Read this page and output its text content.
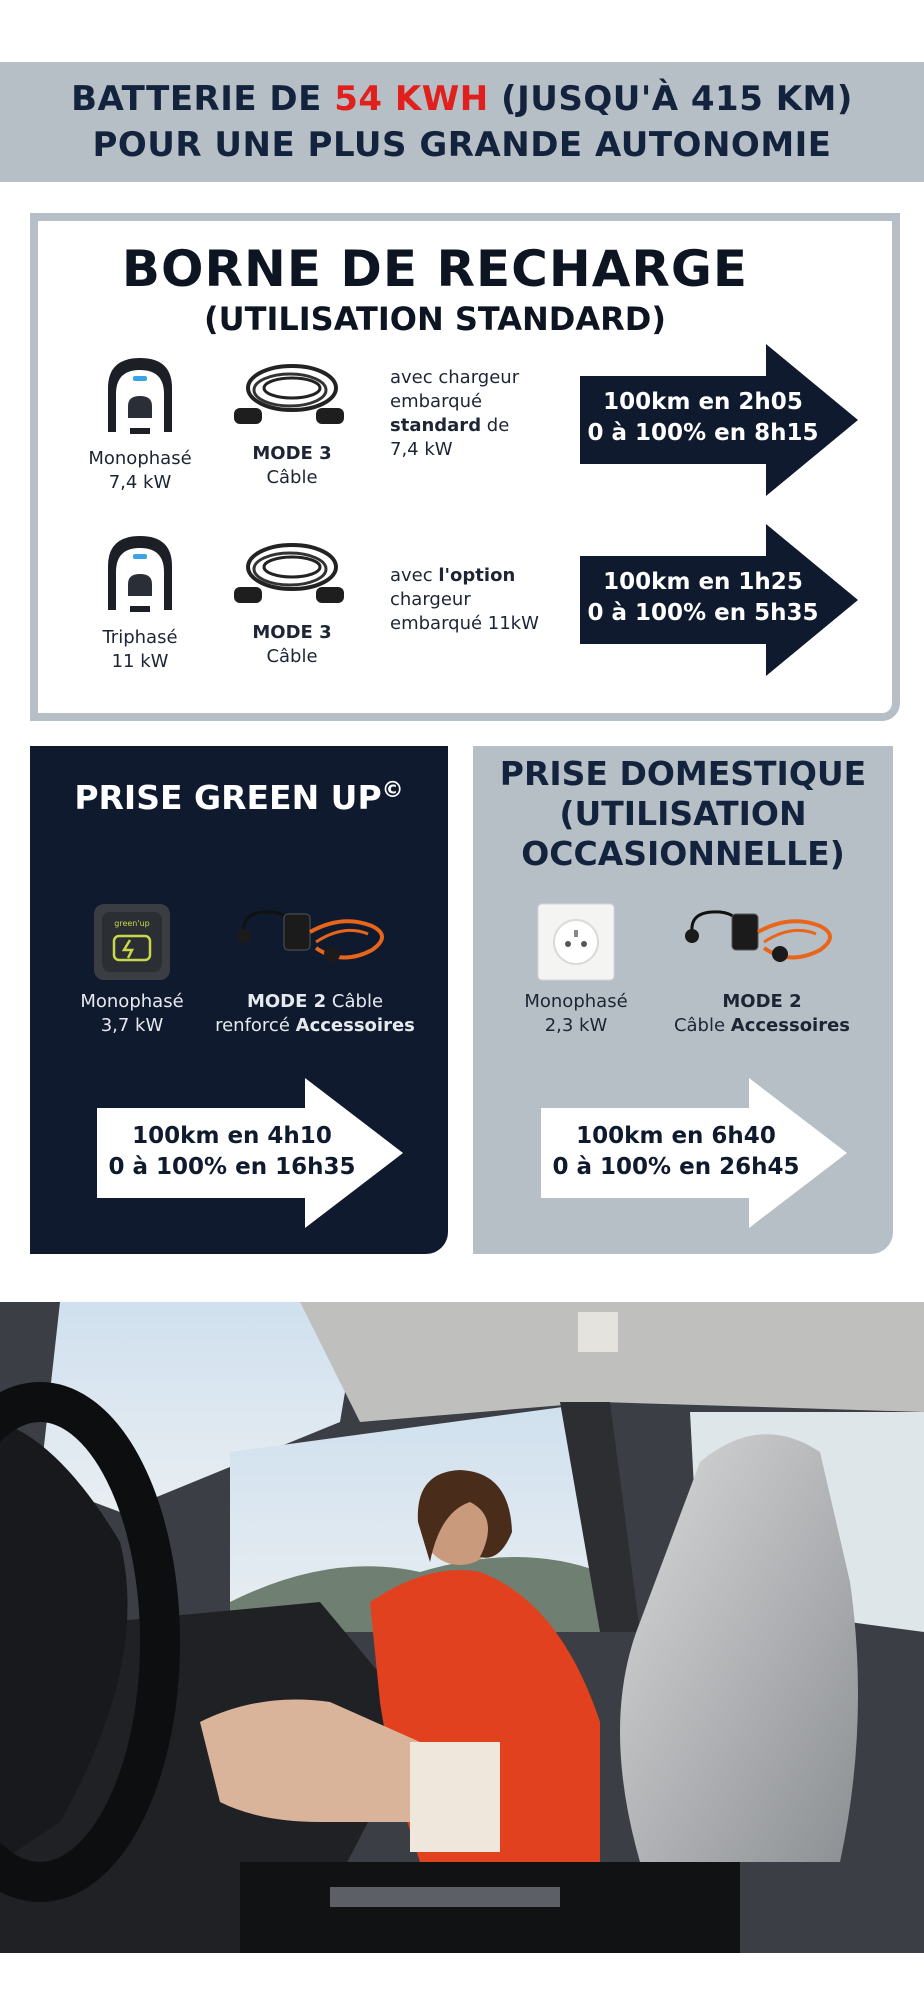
BATTERIE DE 54 KWH (JUSQU'À 415 KM)
POUR UNE PLUS GRANDE AUTONOMIE
BORNE DE RECHARGE
(UTILISATION STANDARD)
Monophasé
7,4 kW
MODE 3
Câble
avec chargeur
embarqué
standard de
7,4 kW
100km en 2h05
0 à 100% en 8h15
Triphasé
11 kW
MODE 3
Câble
avec l'option
chargeur
embarqué 11kW
100km en 1h25
0 à 100% en 5h35
PRISE GREEN UP©
green'up
Monophasé
3,7 kW
MODE 2 Câble
renforcé Accessoires
100km en 4h10
0 à 100% en 16h35
PRISE DOMESTIQUE
(UTILISATION
OCCASIONNELLE)
Monophasé
2,3 kW
MODE 2
Câble Accessoires
100km en 6h40
0 à 100% en 26h45
